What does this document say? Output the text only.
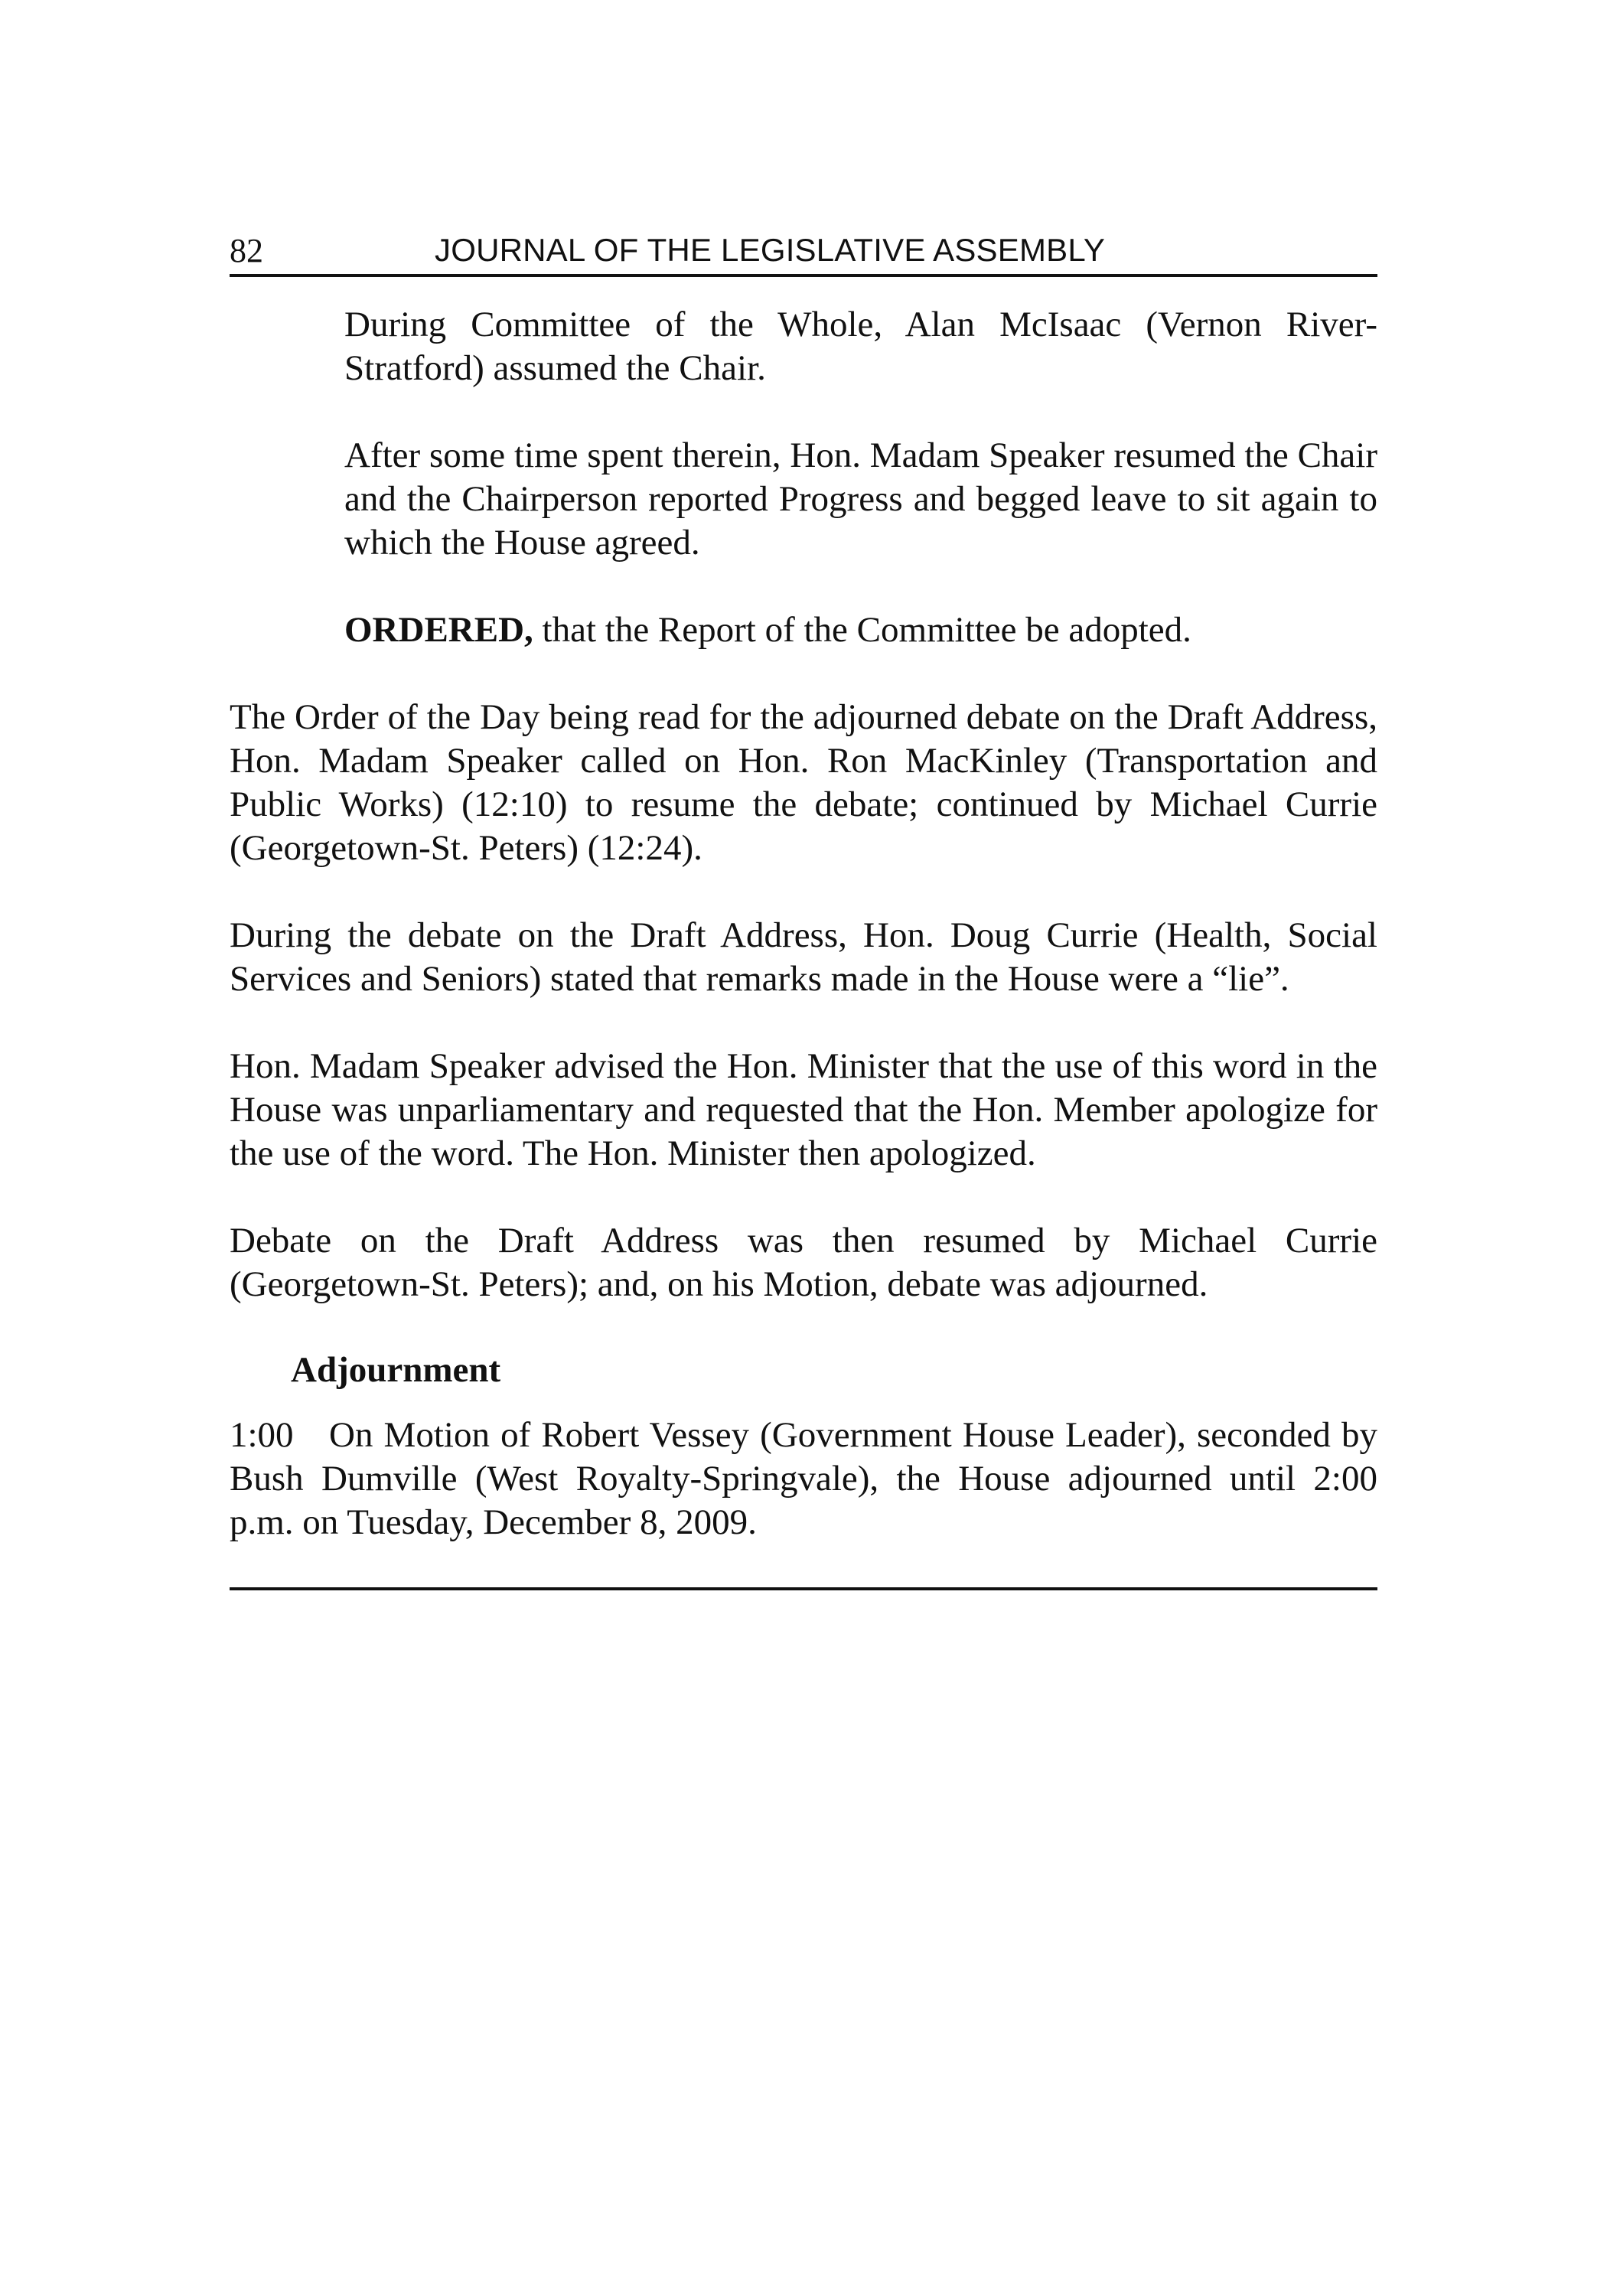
82	JOURNAL OF THE LEGISLATIVE ASSEMBLY

During Committee of the Whole, Alan McIsaac (Vernon River-Stratford) assumed the Chair.

After some time spent therein, Hon. Madam Speaker resumed the Chair and the Chairperson reported Progress and begged leave to sit again to which the House agreed.

ORDERED, that the Report of the Committee be adopted.

The Order of the Day being read for the adjourned debate on the Draft Address, Hon. Madam Speaker called on Hon. Ron MacKinley (Transportation and Public Works) (12:10) to resume the debate; continued by Michael Currie (Georgetown-St. Peters) (12:24).

During the debate on the Draft Address, Hon. Doug Currie (Health, Social Services and Seniors) stated that remarks made in the House were a “lie”.

Hon. Madam Speaker advised the Hon. Minister that the use of this word in the House was unparliamentary and requested that the Hon. Member apologize for the use of the word. The Hon. Minister then apologized.

Debate on the Draft Address was then resumed by Michael Currie (Georgetown-St. Peters); and, on his Motion, debate was adjourned.

Adjournment

1:00 On Motion of Robert Vessey (Government House Leader), seconded by Bush Dumville (West Royalty-Springvale), the House adjourned until 2:00 p.m. on Tuesday, December 8, 2009.
